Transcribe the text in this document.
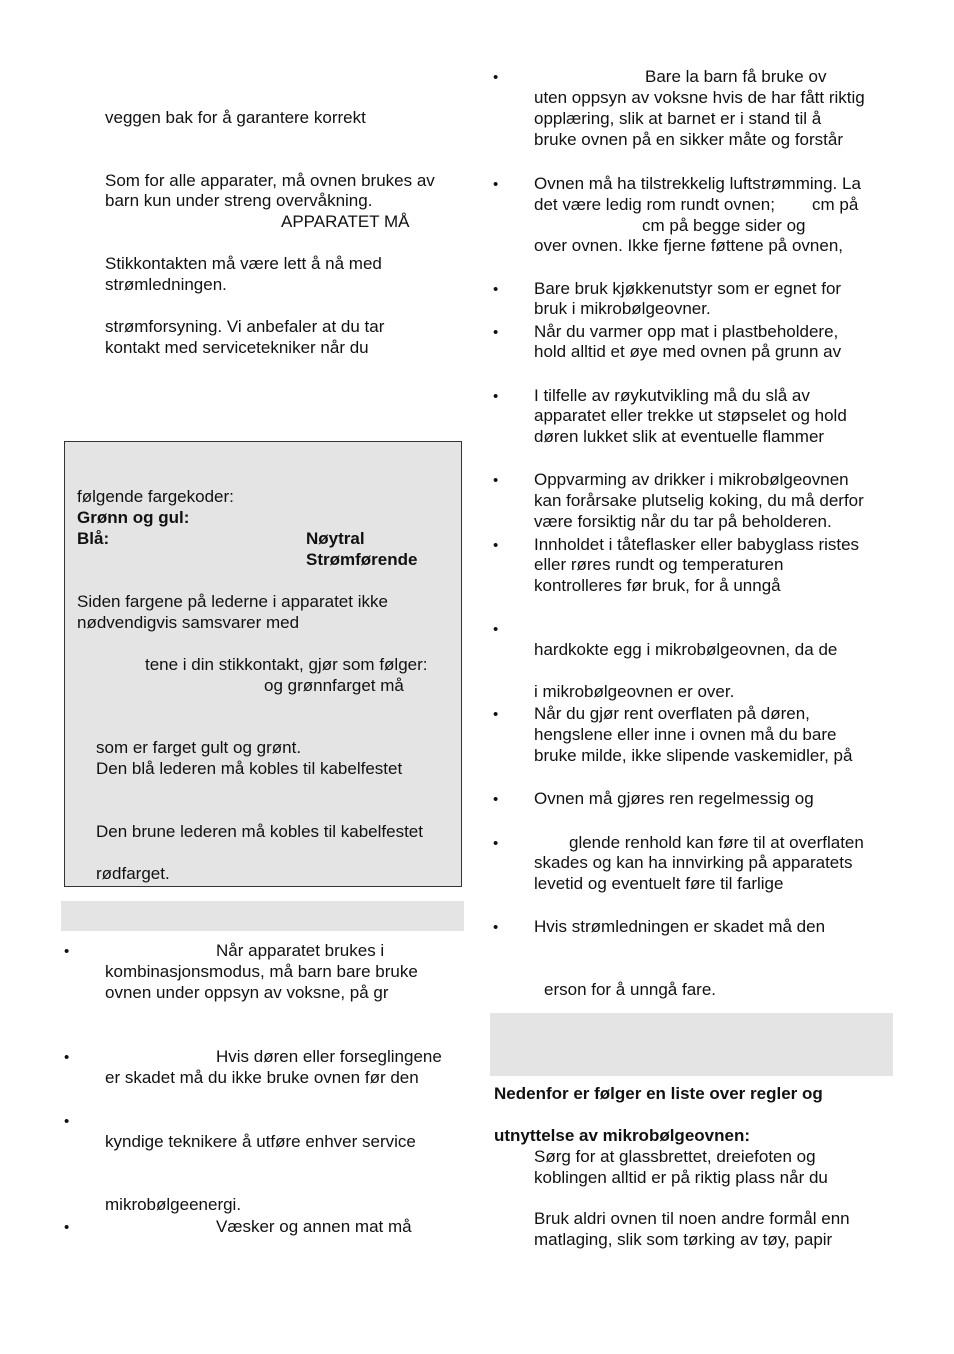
veggen bak for å garantere korrekt
Som for alle apparater, må ovnen brukes av
barn kun under streng overvåkning.
APPARATET MÅ
Stikkontakten må være lett å nå med
strømledningen.
strømforsyning. Vi anbefaler at du tar
kontakt med servicetekniker når du
følgende fargekoder:
Grønn og gul:
Blå:	Nøytral
Strømførende
Siden fargene på lederne i apparatet ikke
nødvendigvis samsvarer med
tene i din stikkontakt, gjør som følger:
og grønnfarget må
som er farget gult og grønt.
Den blå lederen må kobles til kabelfestet
Den brune lederen må kobles til kabelfestet
rødfarget.
•	Når apparatet brukes i
kombinasjonsmodus, må barn bare bruke
ovnen under oppsyn av voksne, på gr
•	Hvis døren eller forseglingene
er skadet må du ikke bruke ovnen før den
•
kyndige teknikere å utføre enhver service
mikrobølgeenergi.
•	Væsker og annen mat må
•	Bare la barn få bruke ov
uten oppsyn av voksne hvis de har fått riktig
opplæring, slik at barnet er i stand til å
bruke ovnen på en sikker måte og forstår
• Ovnen må ha tilstrekkelig luftstrømming. La
det være ledig rom rundt ovnen; cm på
cm på begge sider og
over ovnen. Ikke fjerne føttene på ovnen,
• Bare bruk kjøkkenutstyr som er egnet for
bruk i mikrobølgeovner.
• Når du varmer opp mat i plastbeholdere,
hold alltid et øye med ovnen på grunn av
• I tilfelle av røykutvikling må du slå av
apparatet eller trekke ut støpselet og hold
døren lukket slik at eventuelle flammer
• Oppvarming av drikker i mikrobølgeovnen
kan forårsake plutselig koking, du må derfor
være forsiktig når du tar på beholderen.
• Innholdet i tåteflasker eller babyglass ristes
eller røres rundt og temperaturen
kontrolleres før bruk, for å unngå
•
hardkokte egg i mikrobølgeovnen, da de
i mikrobølgeovnen er over.
• Når du gjør rent overflaten på døren,
hengslene eller inne i ovnen må du bare
bruke milde, ikke slipende vaskemidler, på
• Ovnen må gjøres ren regelmessig og
•	glende renhold kan føre til at overflaten
skades og kan ha innvirking på apparatets
levetid og eventuelt føre til farlige
• Hvis strømledningen er skadet må den
erson for å unngå fare.
Nedenfor er følger en liste over regler og
utnyttelse av mikrobølgeovnen:
Sørg for at glassbrettet, dreiefoten og
koblingen alltid er på riktig plass når du
Bruk aldri ovnen til noen andre formål enn
matlaging, slik som tørking av tøy, papir
